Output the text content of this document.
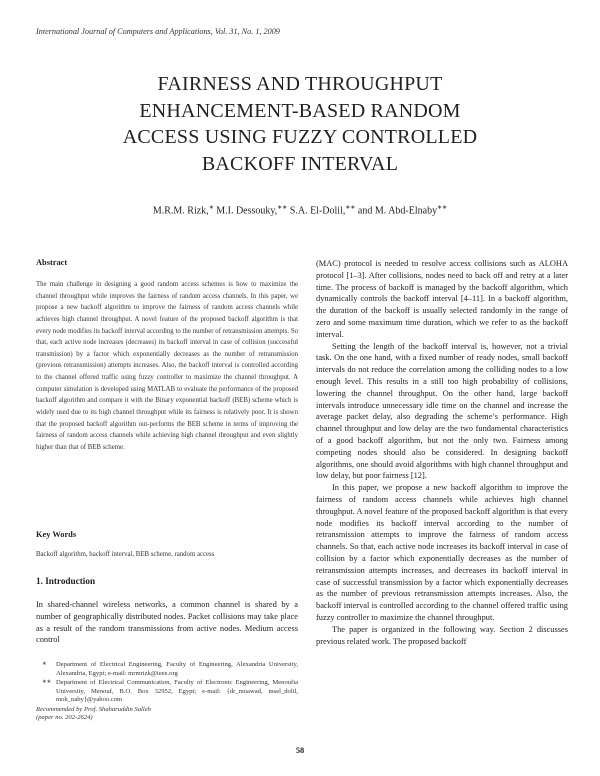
International Journal of Computers and Applications, Vol. 31, No. 1, 2009
FAIRNESS AND THROUGHPUT
ENHANCEMENT-BASED RANDOM
ACCESS USING FUZZY CONTROLLED
BACKOFF INTERVAL
M.R.M. Rizk,∗ M.I. Dessouky,∗∗ S.A. El-Dolil,∗∗ and M. Abd-Elnaby∗∗
Abstract

The main challenge in designing a good random access schemes is how to maximize the channel throughput while improves the fairness of random access channels. In this paper, we propose a new backoff algorithm to improve the fairness of random access channels while achieves high channel throughput. A novel feature of the proposed backoff algorithm is that every node modifies its backoff interval according to the number of retransmission attempts. So that, each active node increases (decreases) its backoff interval in case of collision (successful transmission) by a factor which exponentially decreases as the number of retransmission (previous retransmission) attempts increases. Also, the backoff interval is controlled according to the channel offered traffic using fuzzy controller to maximize the channel throughput. A computer simulation is developed using MATLAB to evaluate the performance of the proposed backoff algorithm and compare it with the Binary exponential backoff (BEB) scheme which is widely used due to its high channel throughput while its fairness is relatively poor. It is shown that the proposed backoff algorithm out-performs the BEB scheme in terms of improving the fairness of random access channels while achieving high channel throughput and even slightly higher than that of BEB scheme.

Key Words

Backoff algorithm, backoff interval, BEB scheme, random access

1. Introduction

In shared-channel wireless networks, a common channel is shared by a number of geographically distributed nodes. Packet collisions may take place as a result of the random transmissions from active nodes. Medium access control

∗ Department of Electrical Engineering, Faculty of Engineering, Alexandria University, Alexandria, Egypt; e-mail: mrmrizk@ieee.org
∗∗ Department of Electrical Communication, Faculty of Electronic Engineering, Menoufia University, Menouf, B.O. Box 32952, Egypt; e-mail: {dr_moawad, msel_dolil, moh_naby}@yahoo.com
Recommended by Prof. Shaharuddin Salleh
(paper no. 202-2624)

(MAC) protocol is needed to resolve access collisions such as ALOHA protocol [1–3]. After collisions, nodes need to back off and retry at a later time. The process of backoff is managed by the backoff algorithm, which dynamically controls the backoff interval [4–11]. In a backoff algorithm, the duration of the backoff is usually selected randomly in the range of zero and some maximum time duration, which we refer to as the backoff interval.

Setting the length of the backoff interval is, however, not a trivial task. On the one hand, with a fixed number of ready nodes, small backoff intervals do not reduce the correlation among the colliding nodes to a low enough level. This results in a still too high probability of collisions, lowering the channel throughput. On the other hand, large backoff intervals introduce unnecessary idle time on the channel and increase the average packet delay, also degrading the scheme’s performance. High channel throughput and low delay are the two fundamental characteristics of a good backoff algorithm, but not the only two. Fairness among competing nodes should also be considered. In designing backoff algorithms, one should avoid algorithms with high channel throughput and low delay, but poor fairness [12].

In this paper, we propose a new backoff algorithm to improve the fairness of random access channels while achieves high channel throughput. A novel feature of the proposed backoff algorithm is that every node modifies its backoff interval according to the number of retransmission attempts to improve the fairness of random access channels. So that, each active node increases its backoff interval in case of collision by a factor which exponentially decreases as the number of retransmission attempts increases, and decreases its backoff interval in case of successful transmission by a factor which exponentially decreases as the number of previous retransmission attempts increases. Also, the backoff interval is controlled according to the channel offered traffic using fuzzy controller to maximize the channel throughput.

The paper is organized in the following way. Section 2 discusses previous related work. The proposed backoff

58
